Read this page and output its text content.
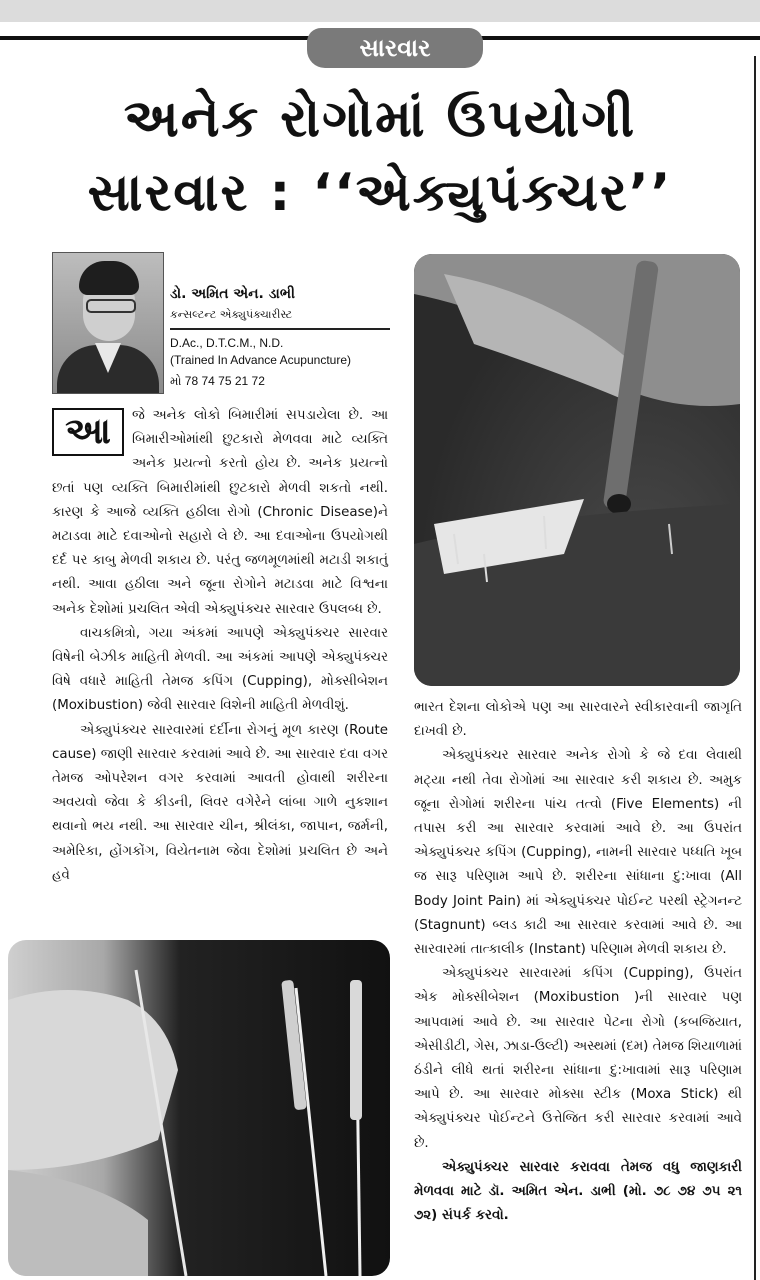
સારવાર
અનેક રોગોમાં ઉપયોગી
સારવાર : ‘‘એક્યુપંક્ચર’’
ડો. અમિત એન. ડાભી
કન્સલ્ટન્ટ એક્યુપંક્ચારીસ્ટ
D.Ac., D.T.C.M., N.D.
(Trained In Advance Acupuncture)
મો 78 74 75 21 72

આ	જે અનેક લોકો બિમારીમાં સપડાયેલા છે. આ બિમારીઓમાંથી છુટકારો મેળવવા માટે વ્યક્તિ અનેક પ્રયત્નો કરતો હોય છે. અનેક પ્રયત્નો છતાં પણ વ્યક્તિ બિમારીમાંથી છુટકારો મેળવી શકતો નથી. કારણ કે આજે વ્યક્તિ હઠીલા રોગો (Chronic Disease)ને મટાડવા માટે દવાઓનો સહારો લે છે. આ દવાઓના ઉપયોગથી દર્દ પર કાબુ મેળવી શકાય છે. પરંતુ જળમૂળમાંથી મટાડી શકાતું નથી. આવા હઠીલા અને જૂના રોગોને મટાડવા માટે વિશ્વના અનેક દેશોમાં પ્રચલિત એવી એક્યુપંક્ચર સારવાર ઉપલબ્ધ છે.

વાચકમિત્રો, ગયા અંકમાં આપણે એક્યુપંક્ચર સારવાર વિષેની બેઝીક માહિતી મેળવી. આ અંકમાં આપણે એક્યુપંક્ચર વિષે વધારે માહિતી તેમજ કપિંગ (Cupping), મોક્સીબેશન (Moxibustion) જેવી સારવાર વિશેની માહિતી મેળવીશું.

એક્યુપંક્ચર સારવારમાં દર્દીના રોગનું મૂળ કારણ (Route cause) જાણી સારવાર કરવામાં આવે છે. આ સારવાર દવા વગર તેમજ ઓપરેશન વગર કરવામાં આવતી હોવાથી શરીરના અવયવો જેવા કે કીડની, લિવર વગેરેને લાંબા ગાળે નુકશાન થવાનો ભય નથી. આ સારવાર ચીન, શ્રીલંકા, જાપાન, જર્મની, અમેરિકા, હોંગકોંગ, વિયેતનામ જેવા દેશોમાં પ્રચલિત છે અને હવે

ભારત દેશના લોકોએ પણ આ સારવારને સ્વીકારવાની જાગૃતિ દાખવી છે.

એક્યુપંક્ચર સારવાર અનેક રોગો કે જે દવા લેવાથી મટ્યા નથી તેવા રોગોમાં આ સારવાર કરી શકાય છે. અમુક જૂના રોગોમાં શરીરના પાંચ તત્વો (Five Elements) ની તપાસ કરી આ સારવાર કરવામાં આવે છે. આ ઉપરાંત એક્યુપંક્ચર કપિંગ (Cupping), નામની સારવાર પધ્ધતિ ખૂબ જ સારૂ પરિણામ આપે છે. શરીરના સાંધાના દુ:ખાવા (All Body Joint Pain) માં એક્યુપંક્ચર પોઈન્ટ પરથી સ્ટ્રેગનન્ટ (Stagnunt) બ્લડ કાઢી આ સારવાર કરવામાં આવે છે. આ સારવારમાં તાત્કાલીક (Instant) પરિણામ મેળવી શકાય છે.

એક્યુપંક્ચર સારવારમાં કપિંગ (Cupping), ઉપરાંત એક મોક્સીબેશન (Moxibustion )ની સારવાર પણ આપવામાં આવે છે. આ સારવાર પેટના રોગો (કબજિયાત, એસીડીટી, ગેસ, ઝાડા-ઉલ્ટી) અસ્થમાં (દમ) તેમજ શિયાળામાં ઠંડીને લીધે થતાં શરીરના સાંધાના દુ:ખાવામાં સારૂ પરિણામ આપે છે. આ સારવાર મોક્સા સ્ટીક (Moxa Stick) થી એક્યુપંક્ચર પોઈન્ટને ઉત્તેજિત કરી સારવાર કરવામાં આવે છે.

એક્યુપંક્ચર સારવાર કરાવવા તેમજ વધુ જાણકારી મેળવવા માટે ડૉ. અમિત એન. ડાભી (મો. ૭૮ ૭૪ ૭૫ ૨૧ ૭૨) સંપર્ક કરવો.
